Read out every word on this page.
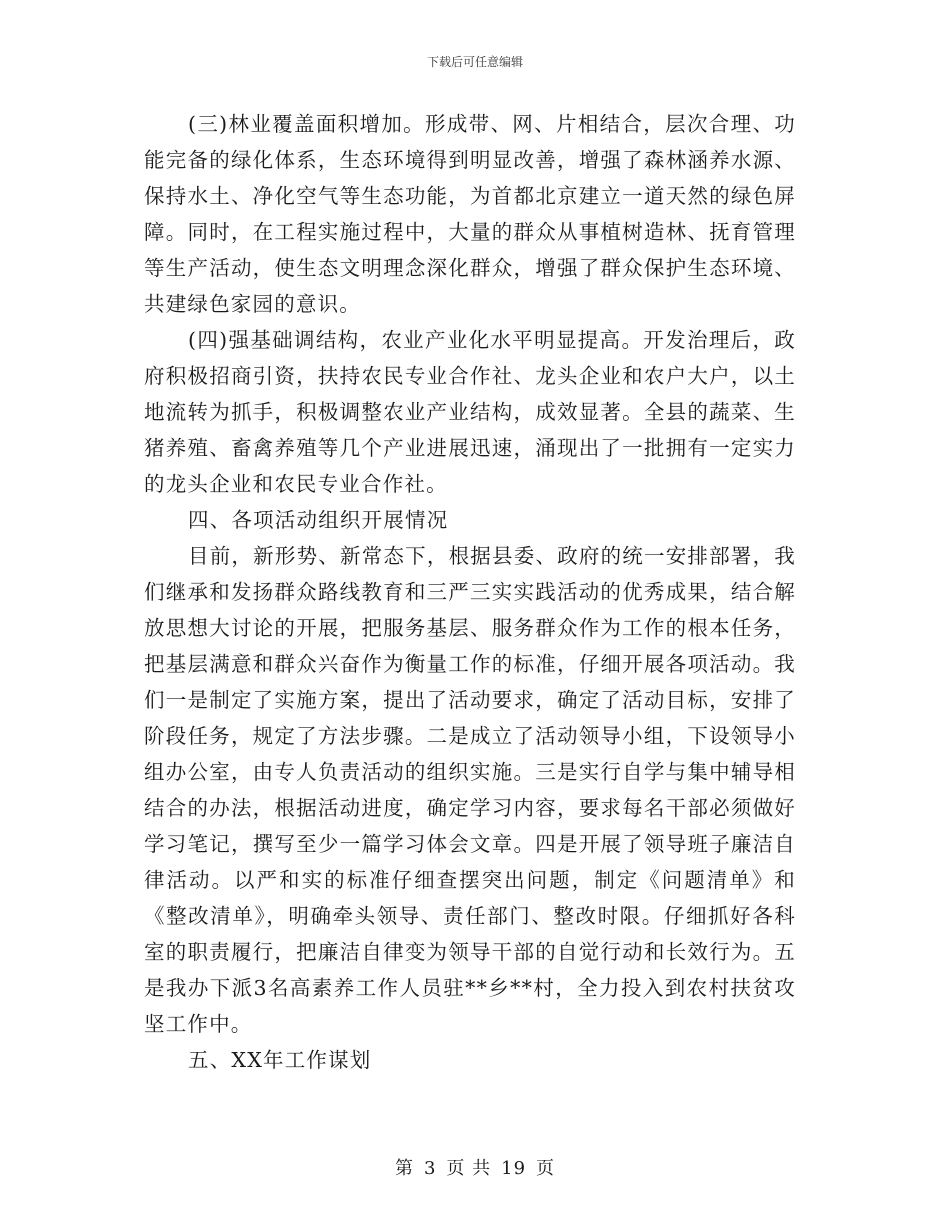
下载后可任意编辑

(三)林业覆盖面积增加。形成带、网、片相结合，层次合理、功能完备的绿化体系，生态环境得到明显改善，增强了森林涵养水源、保持水土、净化空气等生态功能，为首都北京建立一道天然的绿色屏障。同时，在工程实施过程中，大量的群众从事植树造林、抚育管理等生产活动，使生态文明理念深化群众，增强了群众保护生态环境、共建绿色家园的意识。

(四)强基础调结构，农业产业化水平明显提高。开发治理后，政府积极招商引资，扶持农民专业合作社、龙头企业和农户大户，以土地流转为抓手，积极调整农业产业结构，成效显著。全县的蔬菜、生猪养殖、畜禽养殖等几个产业进展迅速，涌现出了一批拥有一定实力的龙头企业和农民专业合作社。

四、各项活动组织开展情况

目前，新形势、新常态下，根据县委、政府的统一安排部署，我们继承和发扬群众路线教育和三严三实实践活动的优秀成果，结合解放思想大讨论的开展，把服务基层、服务群众作为工作的根本任务，把基层满意和群众兴奋作为衡量工作的标准，仔细开展各项活动。我们一是制定了实施方案，提出了活动要求，确定了活动目标，安排了阶段任务，规定了方法步骤。二是成立了活动领导小组，下设领导小组办公室，由专人负责活动的组织实施。三是实行自学与集中辅导相结合的办法，根据活动进度，确定学习内容，要求每名干部必须做好学习笔记，撰写至少一篇学习体会文章。四是开展了领导班子廉洁自律活动。以严和实的标准仔细查摆突出问题，制定《问题清单》和《整改清单》，明确牵头领导、责任部门、整改时限。仔细抓好各科室的职责履行，把廉洁自律变为领导干部的自觉行动和长效行为。五是我办下派3名高素养工作人员驻**乡**村，全力投入到农村扶贫攻坚工作中。

五、XX年工作谋划

第 3 页 共 19 页
